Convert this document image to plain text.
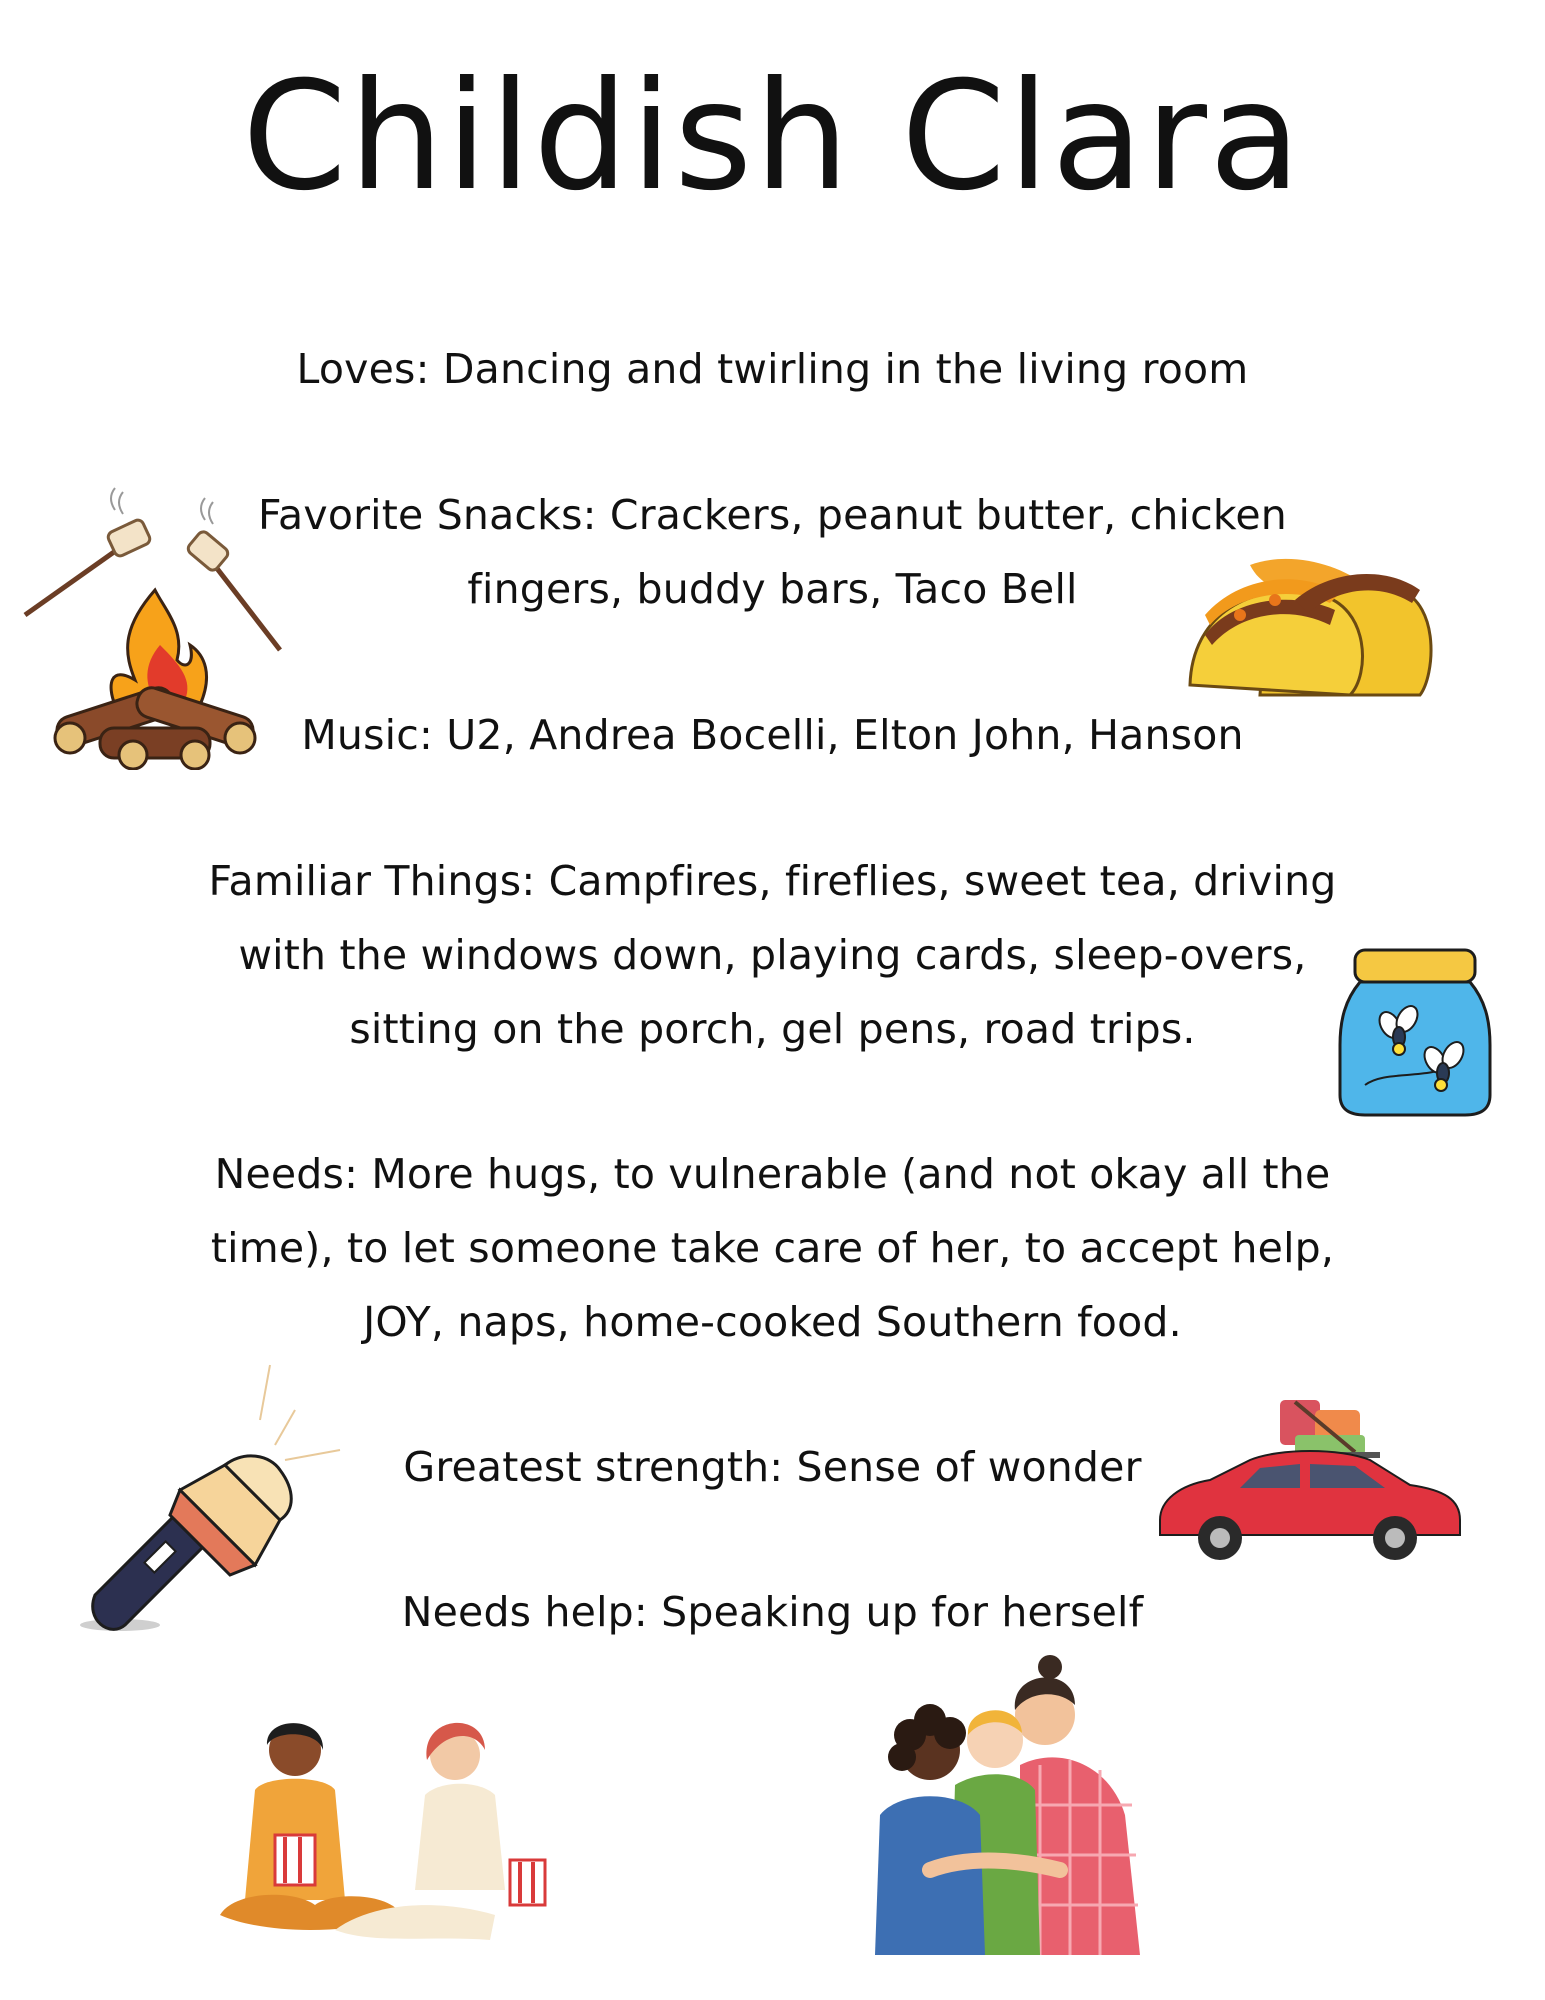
Childish Clara
Loves: Dancing and twirling in the living room
Favorite Snacks: Crackers, peanut butter, chicken fingers, buddy bars, Taco Bell
Music: U2, Andrea Bocelli, Elton John, Hanson
Familiar Things: Campfires, fireflies, sweet tea, driving with the windows down, playing cards, sleep-overs, sitting on the porch, gel pens, road trips.
Needs: More hugs, to vulnerable (and not okay all the time), to let someone take care of her, to accept help, JOY, naps, home-cooked Southern food.
Greatest strength: Sense of wonder
Needs help: Speaking up for herself
